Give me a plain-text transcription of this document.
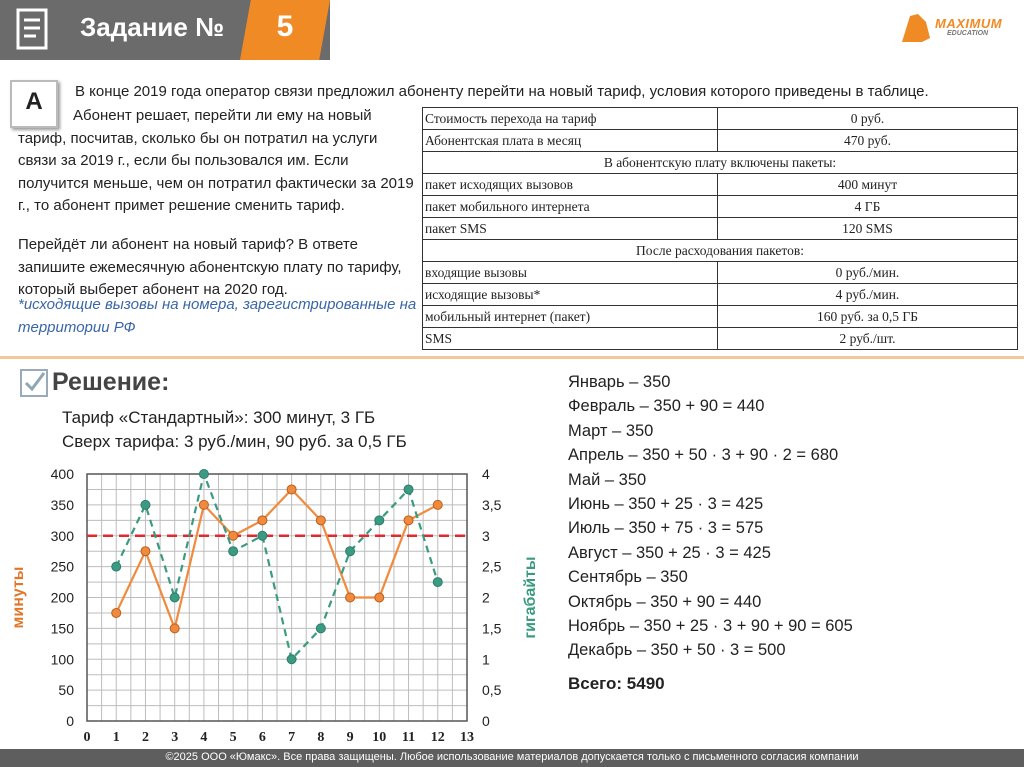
Задание №	5	MAXIMUM
EDUCATION
А	В конце 2019 года оператор связи предложил абоненту перейти на новый тариф, условия которого приведены в таблице.
Абонент решает, перейти ли ему на новый тариф, посчитав, сколько бы он потратил на услуги связи за 2019 г., если бы пользовался им. Если получится меньше, чем он потратил фактически за 2019 г., то абонент примет решение сменить тариф.
Перейдёт ли абонент на новый тариф? В ответе запишите ежемесячную абонентскую плату по тарифу, который выберет абонент на 2020 год.
*исходящие вызовы на номера, зарегистрированные на территории РФ
Стоимость перехода на тариф	0 руб.
Абонентская плата в месяц	470 руб.
В абонентскую плату включены пакеты:	
пакет исходящих вызовов	400 минут
пакет мобильного интернета	4 ГБ
пакет SMS	120 SMS
После расходования пакетов:	
входящие вызовы	0 руб./мин.
исходящие вызовы*	4 руб./мин.
мобильный интернет (пакет)	160 руб. за 0,5 ГБ
SMS	2 руб./шт.
Решение:
Тариф «Стандартный»: 300 минут, 3 ГБ
Сверх тарифа: 3 руб./мин, 90 руб. за 0,5 ГБ
0 1 2 3 4 5 6 7 8 9 10 11 12 13
0
50
100
150
200
250
300
350
400
0
0,5
1
1,5
2
2,5
3
3,5
4
минуты	гигабайты
Январь – 350
Февраль – 350 + 90 = 440
Март – 350
Апрель – 350 + 50 · 3 + 90 · 2 = 680
Май – 350
Июнь – 350 + 25 · 3 = 425
Июль – 350 + 75 · 3 = 575
Август – 350 + 25 · 3 = 425
Сентябрь – 350
Октябрь – 350 + 90 = 440
Ноябрь – 350 + 25 · 3 + 90 + 90 = 605
Декабрь – 350 + 50 · 3 = 500
Всего: 5490
©2025 ООО «Юмакс». Все права защищены. Любое использование материалов допускается только с письменного согласия компании
